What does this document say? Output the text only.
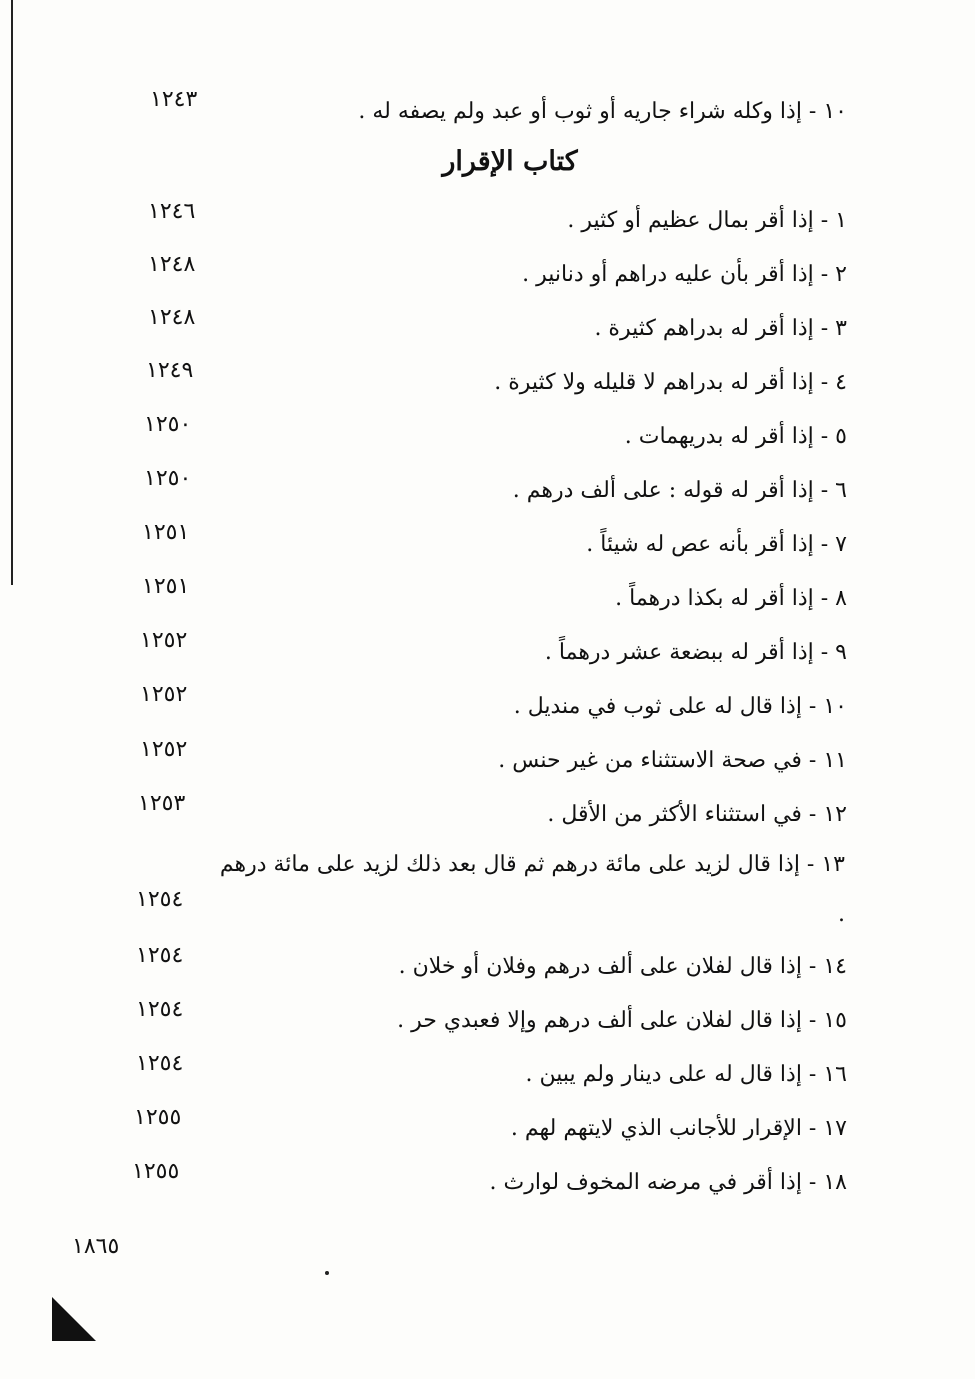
١٠ - إذا وكله شراء جاريه أو ثوب أو عبد ولم يصفه له .
١٢٤٣
كتاب الإقرار
١ - إذا أقر بمال عظيم أو كثير .
١٢٤٦
٢ - إذا أقر بأن عليه دراهم أو دنانير .
١٢٤٨
٣ - إذا أقر له بدراهم كثيرة .
١٢٤٨
٤ - إذا أقر له بدراهم لا قليله ولا كثيرة .
١٢٤٩
٥ - إذا أقر له بدريهمات .
١٢٥٠
٦ - إذا أقر له قوله : على ألف درهم .
١٢٥٠
٧ - إذا أقر بأنه عص له شيئاً .
١٢٥١
٨ - إذا أقر له بكذا درهماً .
١٢٥١
٩ - إذا أقر له ببضعة عشر درهماً .
١٢٥٢
١٠ - إذا قال له على ثوب في منديل .
١٢٥٢
١١ - في صحة الاستثناء من غير حنس .
١٢٥٢
١٢ - في استثناء الأكثر من الأقل .
١٢٥٣
١٣ - إذا قال لزيد على مائة درهم ثم قال بعد ذلك لزيد على مائة درهم .
١٢٥٤
١٤ - إذا قال لفلان على ألف درهم وفلان أو خلان .
١٢٥٤
١٥ - إذا قال لفلان على ألف درهم وإلا فعبدي حر .
١٢٥٤
١٦ - إذا قال له على دينار ولم يبين .
١٢٥٤
١٧ - الإقرار للأجانب الذي لايتهم لهم .
١٢٥٥
١٨ - إذا أقر في مرضه المخوف لوارث .
١٢٥٥
١٨٦٥
